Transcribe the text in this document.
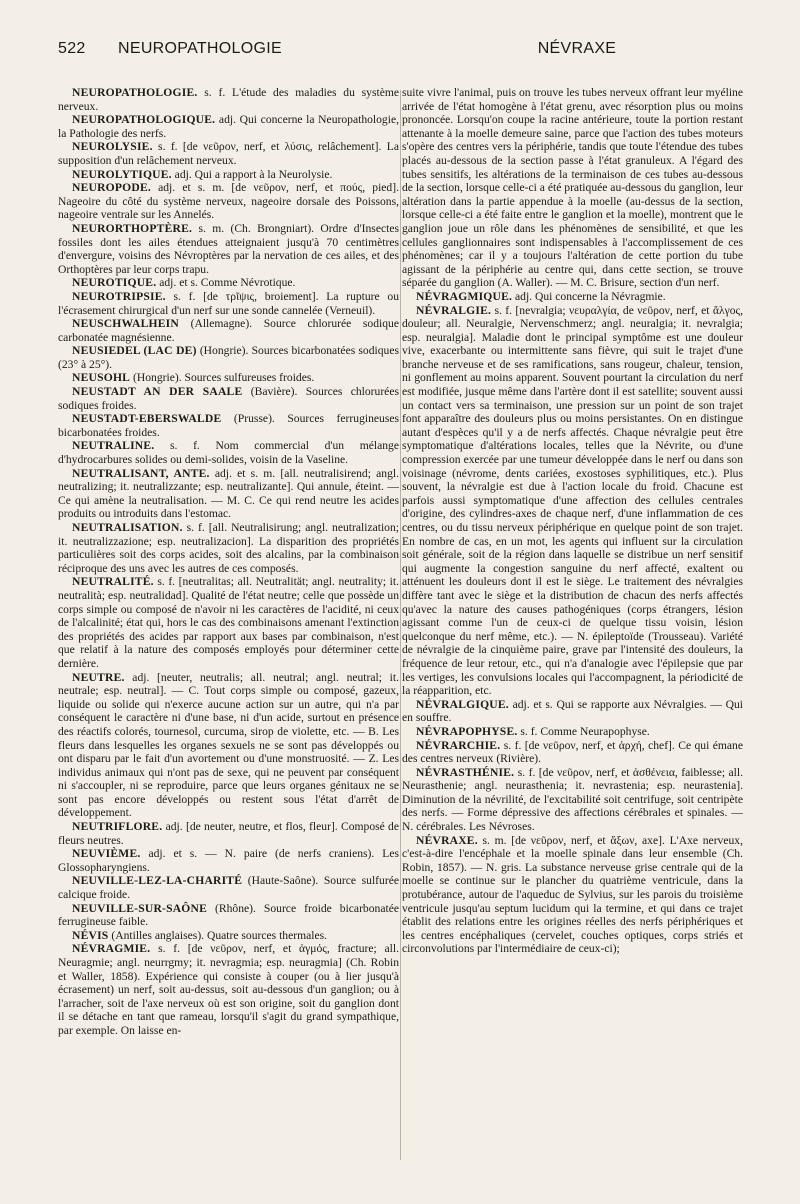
522 NEUROPATHOLOGIE	NÉVRAXE

NEUROPATHOLOGIE. s. f. L'étude des maladies du système nerveux.

NEUROPATHOLOGIQUE. adj. Qui concerne la Neuropathologie, la Pathologie des nerfs.

NEUROLYSIE. s. f. [de νεῦρον, nerf, et λύσις, relâchement]. La supposition d'un relâchement nerveux.

NEUROLYTIQUE. adj. Qui a rapport à la Neurolysie.

NEUROPODE. adj. et s. m. [de νεῦρον, nerf, et πούς, pied]. Nageoire du côté du système nerveux, nageoire dorsale des Poissons, nageoire ventrale sur les Annelés.

NEURORTHOPTÈRE. s. m. (Ch. Brongniart). Ordre d'Insectes fossiles dont les ailes étendues atteignaient jusqu'à 70 centimètres d'envergure, voisins des Névroptères par la nervation de ces ailes, et des Orthoptères par leur corps trapu.

NEUROTIQUE. adj. et s. Comme Névrotique.

NEUROTRIPSIE. s. f. [de τρῖψις, broiement]. La rupture ou l'écrasement chirurgical d'un nerf sur une sonde cannelée (Verneuil).

NEUSCHWALHEIN (Allemagne). Source chlorurée sodique carbonatée magnésienne.

NEUSIEDEL (LAC DE) (Hongrie). Sources bicarbonatées sodiques (23° à 25°).

NEUSOHL (Hongrie). Sources sulfureuses froides.

NEUSTADT AN DER SAALE (Bavière). Sources chlorurées sodiques froides.

NEUSTADT-EBERSWALDE (Prusse). Sources ferrugineuses bicarbonatées froides.

NEUTRALINE. s. f. Nom commercial d'un mélange d'hydrocarbures solides ou demi-solides, voisin de la Vaseline.

NEUTRALISANT, ANTE. adj. et s. m. [all. neutralisirend; angl. neutralizing; it. neutralizzante; esp. neutralizante]. Qui annule, éteint. — Ce qui amène la neutralisation. — M. C. Ce qui rend neutre les acides produits ou introduits dans l'estomac.

NEUTRALISATION. s. f. [all. Neutralisirung; angl. neutralization; it. neutralizzazione; esp. neutralizacion]. La disparition des propriétés particulières soit des corps acides, soit des alcalins, par la combinaison réciproque des uns avec les autres de ces composés.

NEUTRALITÉ. s. f. [neutralitas; all. Neutralität; angl. neutrality; it. neutralità; esp. neutralidad]. Qualité de l'état neutre; celle que possède un corps simple ou composé de n'avoir ni les caractères de l'acidité, ni ceux de l'alcalinité; état qui, hors le cas des combinaisons amenant l'extinction des propriétés des acides par rapport aux bases par combinaison, n'est que relatif à la nature des composés employés pour déterminer cette dernière.

NEUTRE. adj. [neuter, neutralis; all. neutral; angl. neutral; it. neutrale; esp. neutral]. — C. Tout corps simple ou composé, gazeux, liquide ou solide qui n'exerce aucune action sur un autre, qui n'a par conséquent le caractère ni d'une base, ni d'un acide, surtout en présence des réactifs colorés, tournesol, curcuma, sirop de violette, etc. — B. Les fleurs dans lesquelles les organes sexuels ne se sont pas développés ou ont disparu par le fait d'un avortement ou d'une monstruosité. — Z. Les individus animaux qui n'ont pas de sexe, qui ne peuvent par conséquent ni s'accoupler, ni se reproduire, parce que leurs organes génitaux ne se sont pas encore développés ou restent sous l'état d'arrêt de développement.

NEUTRIFLORE. adj. [de neuter, neutre, et flos, fleur]. Composé de fleurs neutres.

NEUVIÈME. adj. et s. — N. paire (de nerfs craniens). Les Glossopharyngiens.

NEUVILLE-LEZ-LA-CHARITÉ (Haute-Saône). Source sulfurée calcique froide.

NEUVILLE-SUR-SAÔNE (Rhône). Source froide bicarbonatée ferrugineuse faible.

NÉVIS (Antilles anglaises). Quatre sources thermales.

NÉVRAGMIE. s. f. [de νεῦρον, nerf, et ἀγμός, fracture; all. Neuragmie; angl. neurrgmy; it. nevragmia; esp. neuragmia] (Ch. Robin et Waller, 1858). Expérience qui consiste à couper (ou à lier jusqu'à écrasement) un nerf, soit au-dessus, soit au-dessous d'un ganglion; ou à l'arracher, soit de l'axe nerveux où est son origine, soit du ganglion dont il se détache en tant que rameau, lorsqu'il s'agit du grand sympathique, par exemple. On laisse en-

suite vivre l'animal, puis on trouve les tubes nerveux offrant leur myéline arrivée de l'état homogène à l'état grenu, avec résorption plus ou moins prononcée. Lorsqu'on coupe la racine antérieure, toute la portion restant attenante à la moelle demeure saine, parce que l'action des tubes moteurs s'opère des centres vers la périphérie, tandis que toute l'étendue des tubes placés au-dessous de la section passe à l'état granuleux. A l'égard des tubes sensitifs, les altérations de la terminaison de ces tubes au-dessous de la section, lorsque celle-ci a été pratiquée au-dessous du ganglion, leur altération dans la partie appendue à la moelle (au-dessus de la section, lorsque celle-ci a été faite entre le ganglion et la moelle), montrent que le ganglion joue un rôle dans les phénomènes de sensibilité, et que les cellules ganglionnaires sont indispensables à l'accomplissement de ces phénomènes; car il y a toujours l'altération de cette portion du tube agissant de la périphérie au centre qui, dans cette section, se trouve séparée du ganglion (A. Waller). — M. C. Brisure, section d'un nerf.

NÉVRAGMIQUE. adj. Qui concerne la Névragmie.

NÉVRALGIE. s. f. [nevralgia; νευραλγία, de νεῦρον, nerf, et ἄλγος, douleur; all. Neuralgie, Nervenschmerz; angl. neuralgia; it. nevralgia; esp. neuralgia]. Maladie dont le principal symptôme est une douleur vive, exacerbante ou intermittente sans fièvre, qui suit le trajet d'une branche nerveuse et de ses ramifications, sans rougeur, chaleur, tension, ni gonflement au moins apparent. Souvent pourtant la circulation du nerf est modifiée, jusque même dans l'artère dont il est satellite; souvent aussi un contact vers sa terminaison, une pression sur un point de son trajet font apparaître des douleurs plus ou moins persistantes. On en distingue autant d'espèces qu'il y a de nerfs affectés. Chaque névralgie peut être symptomatique d'altérations locales, telles que la Névrite, ou d'une compression exercée par une tumeur développée dans le nerf ou dans son voisinage (névrome, dents cariées, exostoses syphilitiques, etc.). Plus souvent, la névralgie est due à l'action locale du froid. Chacune est parfois aussi symptomatique d'une affection des cellules centrales d'origine, des cylindres-axes de chaque nerf, d'une inflammation de ces centres, ou du tissu nerveux périphérique en quelque point de son trajet. En nombre de cas, en un mot, les agents qui influent sur la circulation soit générale, soit de la région dans laquelle se distribue un nerf sensitif qui augmente la congestion sanguine du nerf affecté, exaltent ou atténuent les douleurs dont il est le siège. Le traitement des névralgies diffère tant avec le siège et la distribution de chacun des nerfs affectés qu'avec la nature des causes pathogéniques (corps étrangers, lésion agissant comme l'un de ceux-ci de quelque tissu voisin, lésion quelconque du nerf même, etc.). — N. épileptoïde (Trousseau). Variété de névralgie de la cinquième paire, grave par l'intensité des douleurs, la fréquence de leur retour, etc., qui n'a d'analogie avec l'épilepsie que par les vertiges, les convulsions locales qui l'accompagnent, la périodicité de la réapparition, etc.

NÉVRALGIQUE. adj. et s. Qui se rapporte aux Névralgies. — Qui en souffre.

NÉVRAPOPHYSE. s. f. Comme Neurapophyse.

NÉVRARCHIE. s. f. [de νεῦρον, nerf, et ἀρχή, chef]. Ce qui émane des centres nerveux (Rivière).

NÉVRASTHÉNIE. s. f. [de νεῦρον, nerf, et ἀσθένεια, faiblesse; all. Neurasthenie; angl. neurasthenia; it. nevrastenia; esp. neurastenia]. Diminution de la névrilité, de l'excitabilité soit centrifuge, soit centripète des nerfs. — Forme dépressive des affections cérébrales et spinales. — N. cérébrales. Les Névroses.

NÉVRAXE. s. m. [de νεῦρον, nerf, et ἄξων, axe]. L'Axe nerveux, c'est-à-dire l'encéphale et la moelle spinale dans leur ensemble (Ch. Robin, 1857). — N. gris. La substance nerveuse grise centrale qui de la moelle se continue sur le plancher du quatrième ventricule, dans la protubérance, autour de l'aqueduc de Sylvius, sur les parois du troisième ventricule jusqu'au septum lucidum qui la termine, et qui dans ce trajet établit des relations entre les origines réelles des nerfs périphériques et les centres encéphaliques (cervelet, couches optiques, corps striés et circonvolutions par l'intermédiaire de ceux-ci);
